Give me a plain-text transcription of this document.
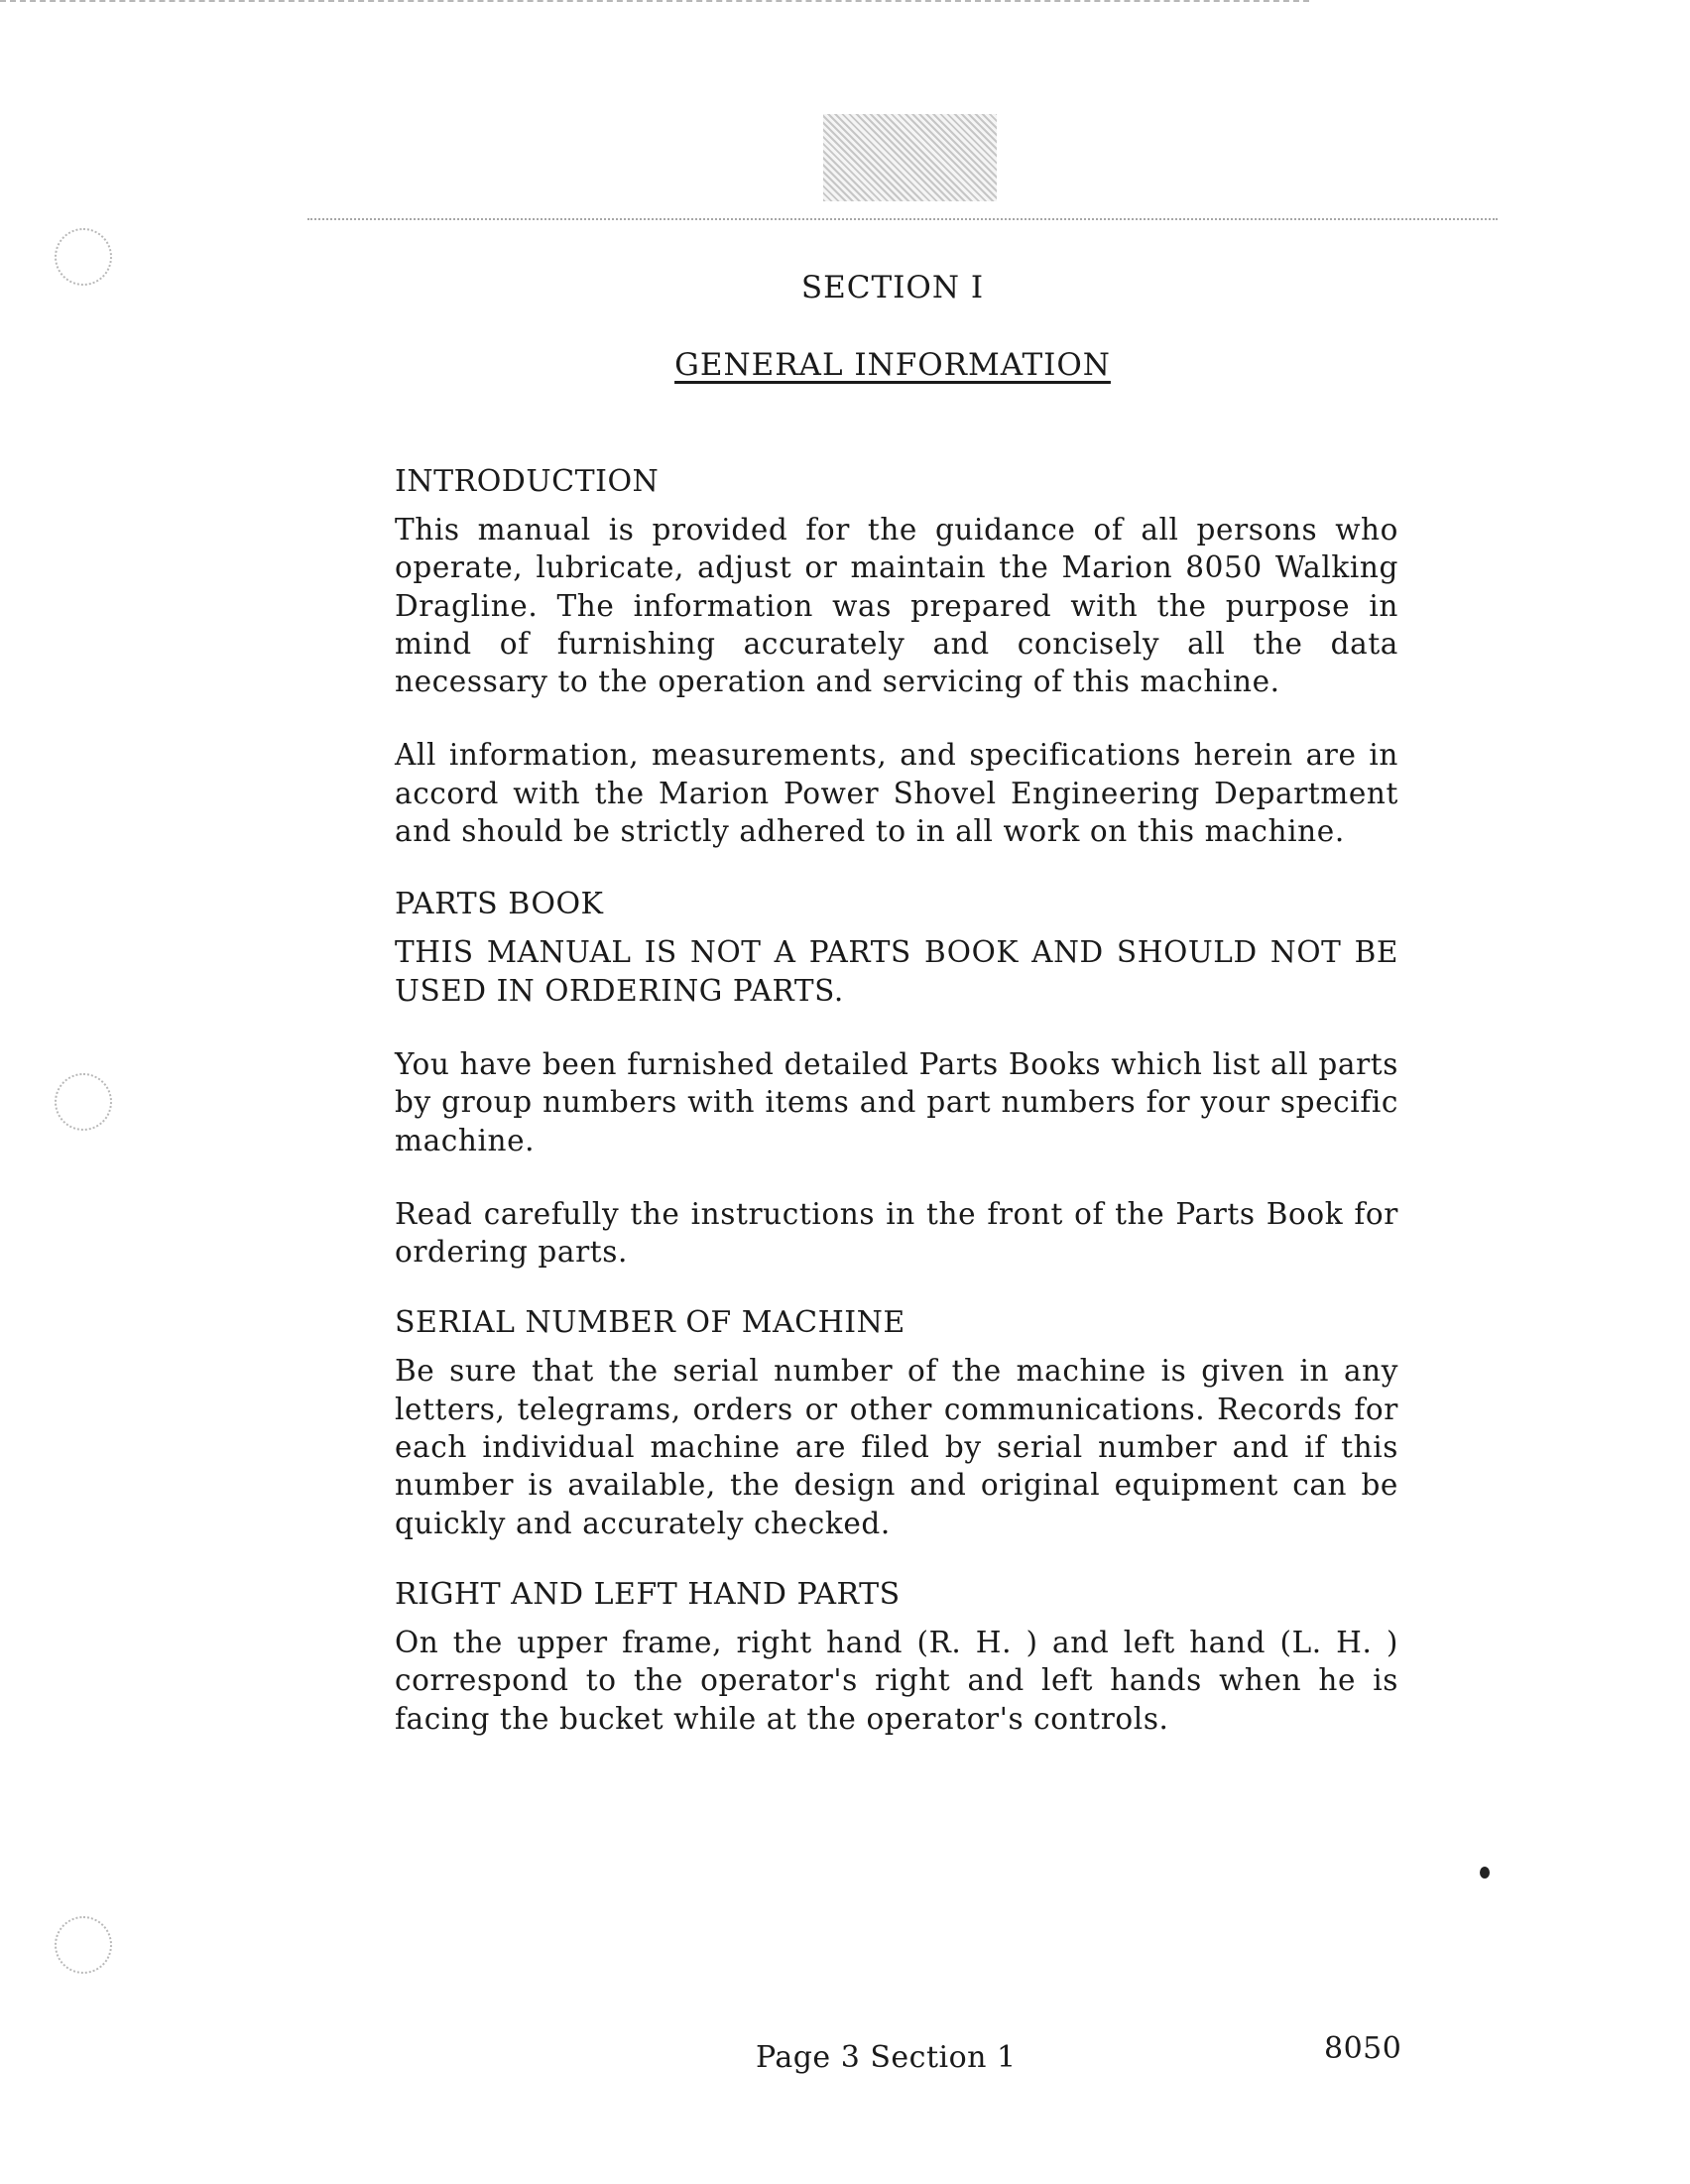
SECTION I
GENERAL INFORMATION
INTRODUCTION
This manual is provided for the guidance of all persons who operate, lubricate, adjust or maintain the Marion 8050 Walking Dragline. The information was prepared with the purpose in mind of furnishing accurately and concisely all the data necessary to the operation and servicing of this machine.
All information, measurements, and specifications herein are in accord with the Marion Power Shovel Engineering Department and should be strictly adhered to in all work on this machine.
PARTS BOOK
THIS MANUAL IS NOT A PARTS BOOK AND SHOULD NOT BE USED IN ORDERING PARTS.
You have been furnished detailed Parts Books which list all parts by group numbers with items and part numbers for your specific machine.
Read carefully the instructions in the front of the Parts Book for ordering parts.
SERIAL NUMBER OF MACHINE
Be sure that the serial number of the machine is given in any letters, telegrams, orders or other communications. Records for each individual machine are filed by serial number and if this number is available, the design and original equipment can be quickly and accurately checked.
RIGHT AND LEFT HAND PARTS
On the upper frame, right hand (R. H. ) and left hand (L. H. ) correspond to the operator's right and left hands when he is facing the bucket while at the operator's controls.
Page 3 Section 1	8050
